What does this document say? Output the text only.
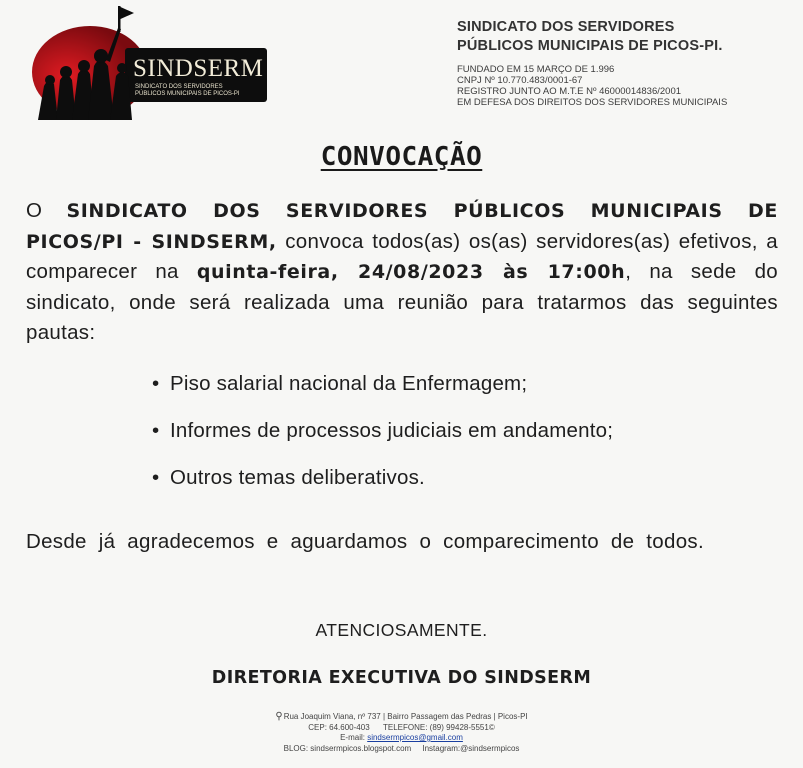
SINDSERM
SINDICATO DOS SERVIDORES
PÚBLICOS MUNICIPAIS DE PICOS-PI
SINDICATO DOS SERVIDORES
PÚBLICOS MUNICIPAIS DE PICOS-PI.
FUNDADO EM 15 MARÇO DE 1.996
CNPJ Nº 10.770.483/0001-67
REGISTRO JUNTO AO M.T.E Nº 46000014836/2001
EM DEFESA DOS DIREITOS DOS SERVIDORES MUNICIPAIS
CONVOCAÇÃO
O SINDICATO DOS SERVIDORES PÚBLICOS MUNICIPAIS DE PICOS/PI - SINDSERM, convoca todos(as) os(as) servidores(as) efetivos, a comparecer na quinta-feira, 24/08/2023 às 17:00h, na sede do sindicato, onde será realizada uma reunião para tratarmos das seguintes pautas:
• Piso salarial nacional da Enfermagem;
• Informes de processos judiciais em andamento;
• Outros temas deliberativos.
Desde já agradecemos e aguardamos o comparecimento de todos.
ATENCIOSAMENTE.
DIRETORIA EXECUTIVA DO SINDSERM
⚲Rua Joaquim Viana, nº 737 | Bairro Passagem das Pedras | Picos-PI
CEP: 64.600-403 TELEFONE: (89) 99428-5551©
E-mail: sindsermpicos@gmail.com
BLOG: sindsermpicos.blogspot.com Instagram:@sindsermpicos
